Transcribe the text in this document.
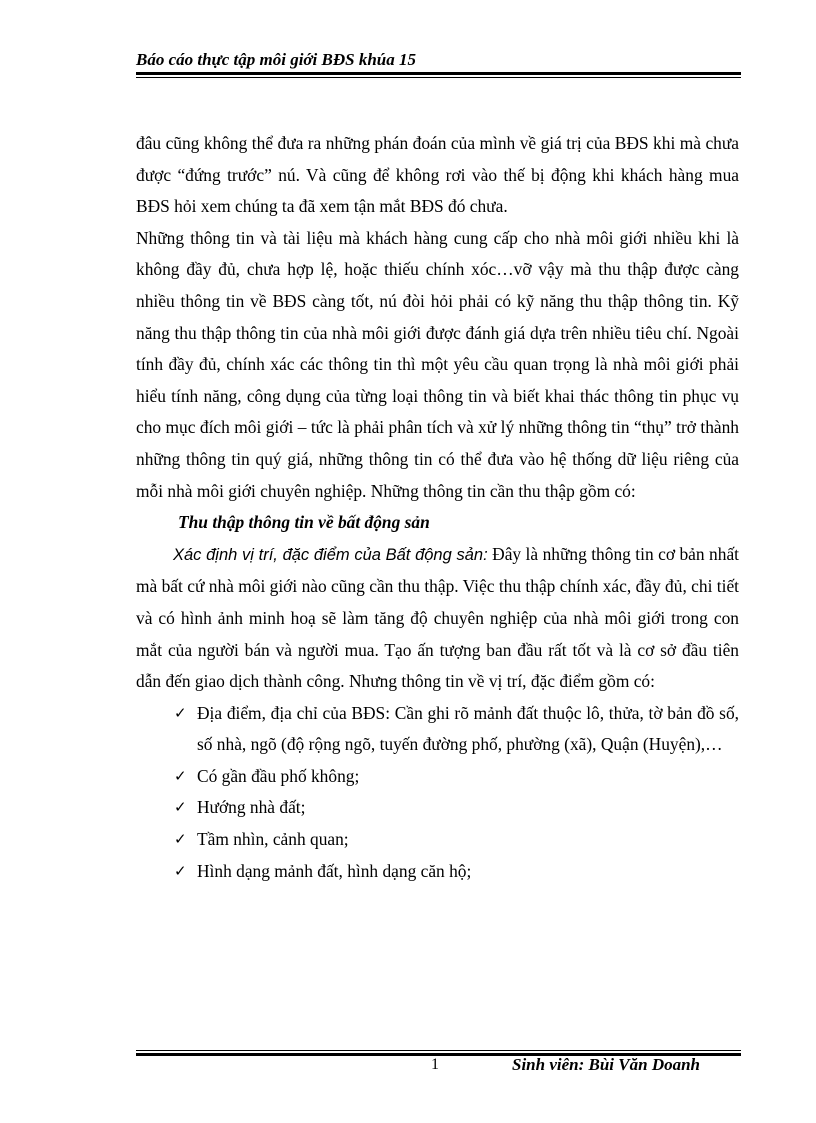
Báo cáo thực tập môi giới BĐS khúa 15

đâu cũng không thể đưa ra những phán đoán của mình về giá trị của BĐS khi mà chưa được “đứng trước” nú. Và cũng để không rơi vào thế bị động khi khách hàng mua BĐS hỏi xem chúng ta đã xem tận mắt BĐS đó chưa.

Những thông tin và tài liệu mà khách hàng cung cấp cho nhà môi giới nhiều khi là không đầy đủ, chưa hợp lệ, hoặc thiếu chính xóc…vỡ vậy mà thu thập được càng nhiều thông tin về BĐS càng tốt, nú đòi hỏi phải có kỹ năng thu thập thông tin. Kỹ năng thu thập thông tin của nhà môi giới được đánh giá dựa trên nhiều tiêu chí. Ngoài tính đầy đủ, chính xác các thông tin thì một yêu cầu quan trọng là nhà môi giới phải hiểu tính năng, công dụng của từng loại thông tin và biết khai thác thông tin phục vụ cho mục đích môi giới – tức là phải phân tích và xử lý những thông tin “thụ” trở thành những thông tin quý giá, những thông tin có thể đưa vào hệ thống dữ liệu riêng của mỗi nhà môi giới chuyên nghiệp. Những thông tin cần thu thập gồm có:

Thu thập thông tin về bất động sản

Xác định vị trí, đặc điểm của Bất động sản: Đây là những thông tin cơ bản nhất mà bất cứ nhà môi giới nào cũng cần thu thập. Việc thu thập chính xác, đầy đủ, chi tiết và có hình ảnh minh hoạ sẽ làm tăng độ chuyên nghiệp của nhà môi giới trong con mắt của người bán và người mua. Tạo ấn tượng ban đầu rất tốt và là cơ sở đầu tiên dẫn đến giao dịch thành công. Nhưng thông tin về vị trí, đặc điểm gồm có:

✓ Địa điểm, địa chỉ của BĐS: Cần ghi rõ mảnh đất thuộc lô, thửa, tờ bản đồ số, số nhà, ngõ (độ rộng ngõ, tuyến đường phố, phường (xã), Quận (Huyện),…
✓ Có gần đầu phố không;
✓ Hướng nhà đất;
✓ Tầm nhìn, cảnh quan;
✓ Hình dạng mảnh đất, hình dạng căn hộ;
1	Sinh viên: Bùi Văn Doanh
